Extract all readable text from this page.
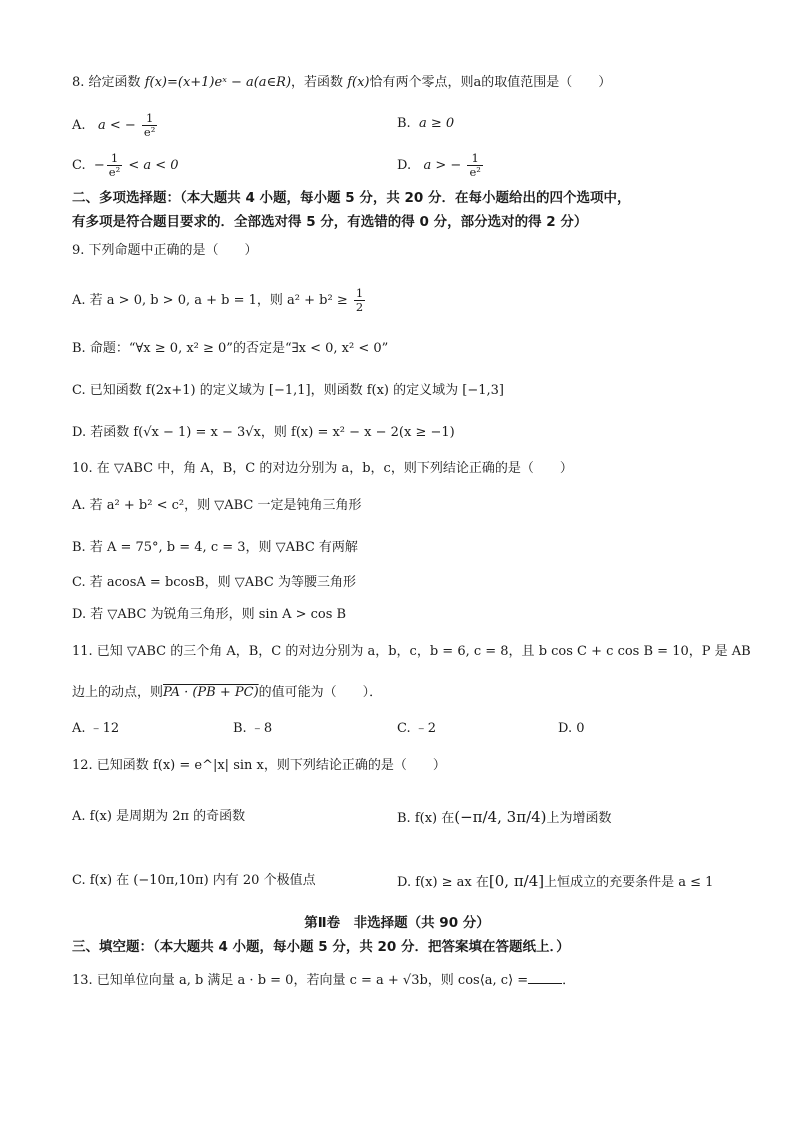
8. 给定函数 f(x)=(x+1)eˣ − a(a∈R)，若函数 f(x)恰有两个零点，则a的取值范围是（　　）
A. a < − $\frac{1}{\text{e²}}$	B. a ≥ 0
C. − $\frac{1}{\text{e²}} < a < 0$	D. a > − $\frac{1}{\text{e²}}$
二、多项选择题：（本大题共 4 小题，每小题 5 分，共 20 分．在每小题给出的四个选项中，
有多项是符合题目要求的．全部选对得 5 分，有选错的得 0 分，部分选对的得 2 分）
9. 下列命题中正确的是（　　）
A. 若 a > 0, b > 0, a + b = 1，则 $a^2 + b^2 \ge \frac{1}{2}$
B. 命题：“∀x ≥ 0, x² ≥ 0”的否定是“∃x < 0, x² < 0”
C. 已知函数 f(2x+1) 的定义域为 [−1,1]，则函数 f(x) 的定义域为 [−1,3]
D. 若函数 f(√x − 1) = x − 3√x，则 f(x) = x² − x − 2(x ≥ −1)
10. 在 ▽ABC 中，角 A，B，C 的对边分别为 a，b，c，则下列结论正确的是（　　）
A. 若 a² + b² < c²，则 ▽ABC 一定是钝角三角形
B. 若 A = 75°, b = 4, c = 3，则 ▽ABC 有两解
C. 若 acosA = bcosB，则 ▽ABC 为等腰三角形
D. 若 ▽ABC 为锐角三角形，则 sin A > cos B
11. 已知 ▽ABC 的三个角 A，B，C 的对边分别为 a，b，c，b = 6, c = 8，且 b cos C + c cos B = 10，P 是 AB
边上的动点，则PA · (PB + PC)的值可能为（　　）．
A. ﹣12	B. ﹣8	C. ﹣2	D. 0
12. 已知函数 f(x) = e^|x| sin x，则下列结论正确的是（　　）
A. f(x) 是周期为 2π 的奇函数	B. f(x) 在(−π/4, 3π/4)上为增函数
C. f(x) 在 (−10π,10π) 内有 20 个极值点	D. f(x) ≥ ax 在[0, π/4]上恒成立的充要条件是 a ≤ 1
第Ⅱ卷　非选择题（共 90 分）
三、填空题：（本大题共 4 小题，每小题 5 分，共 20 分．把答案填在答题纸上．）
13. 已知单位向量 a, b 满足 a · b = 0，若向量 c = a + √3b，则 cos⟨a, c⟩ =	．
